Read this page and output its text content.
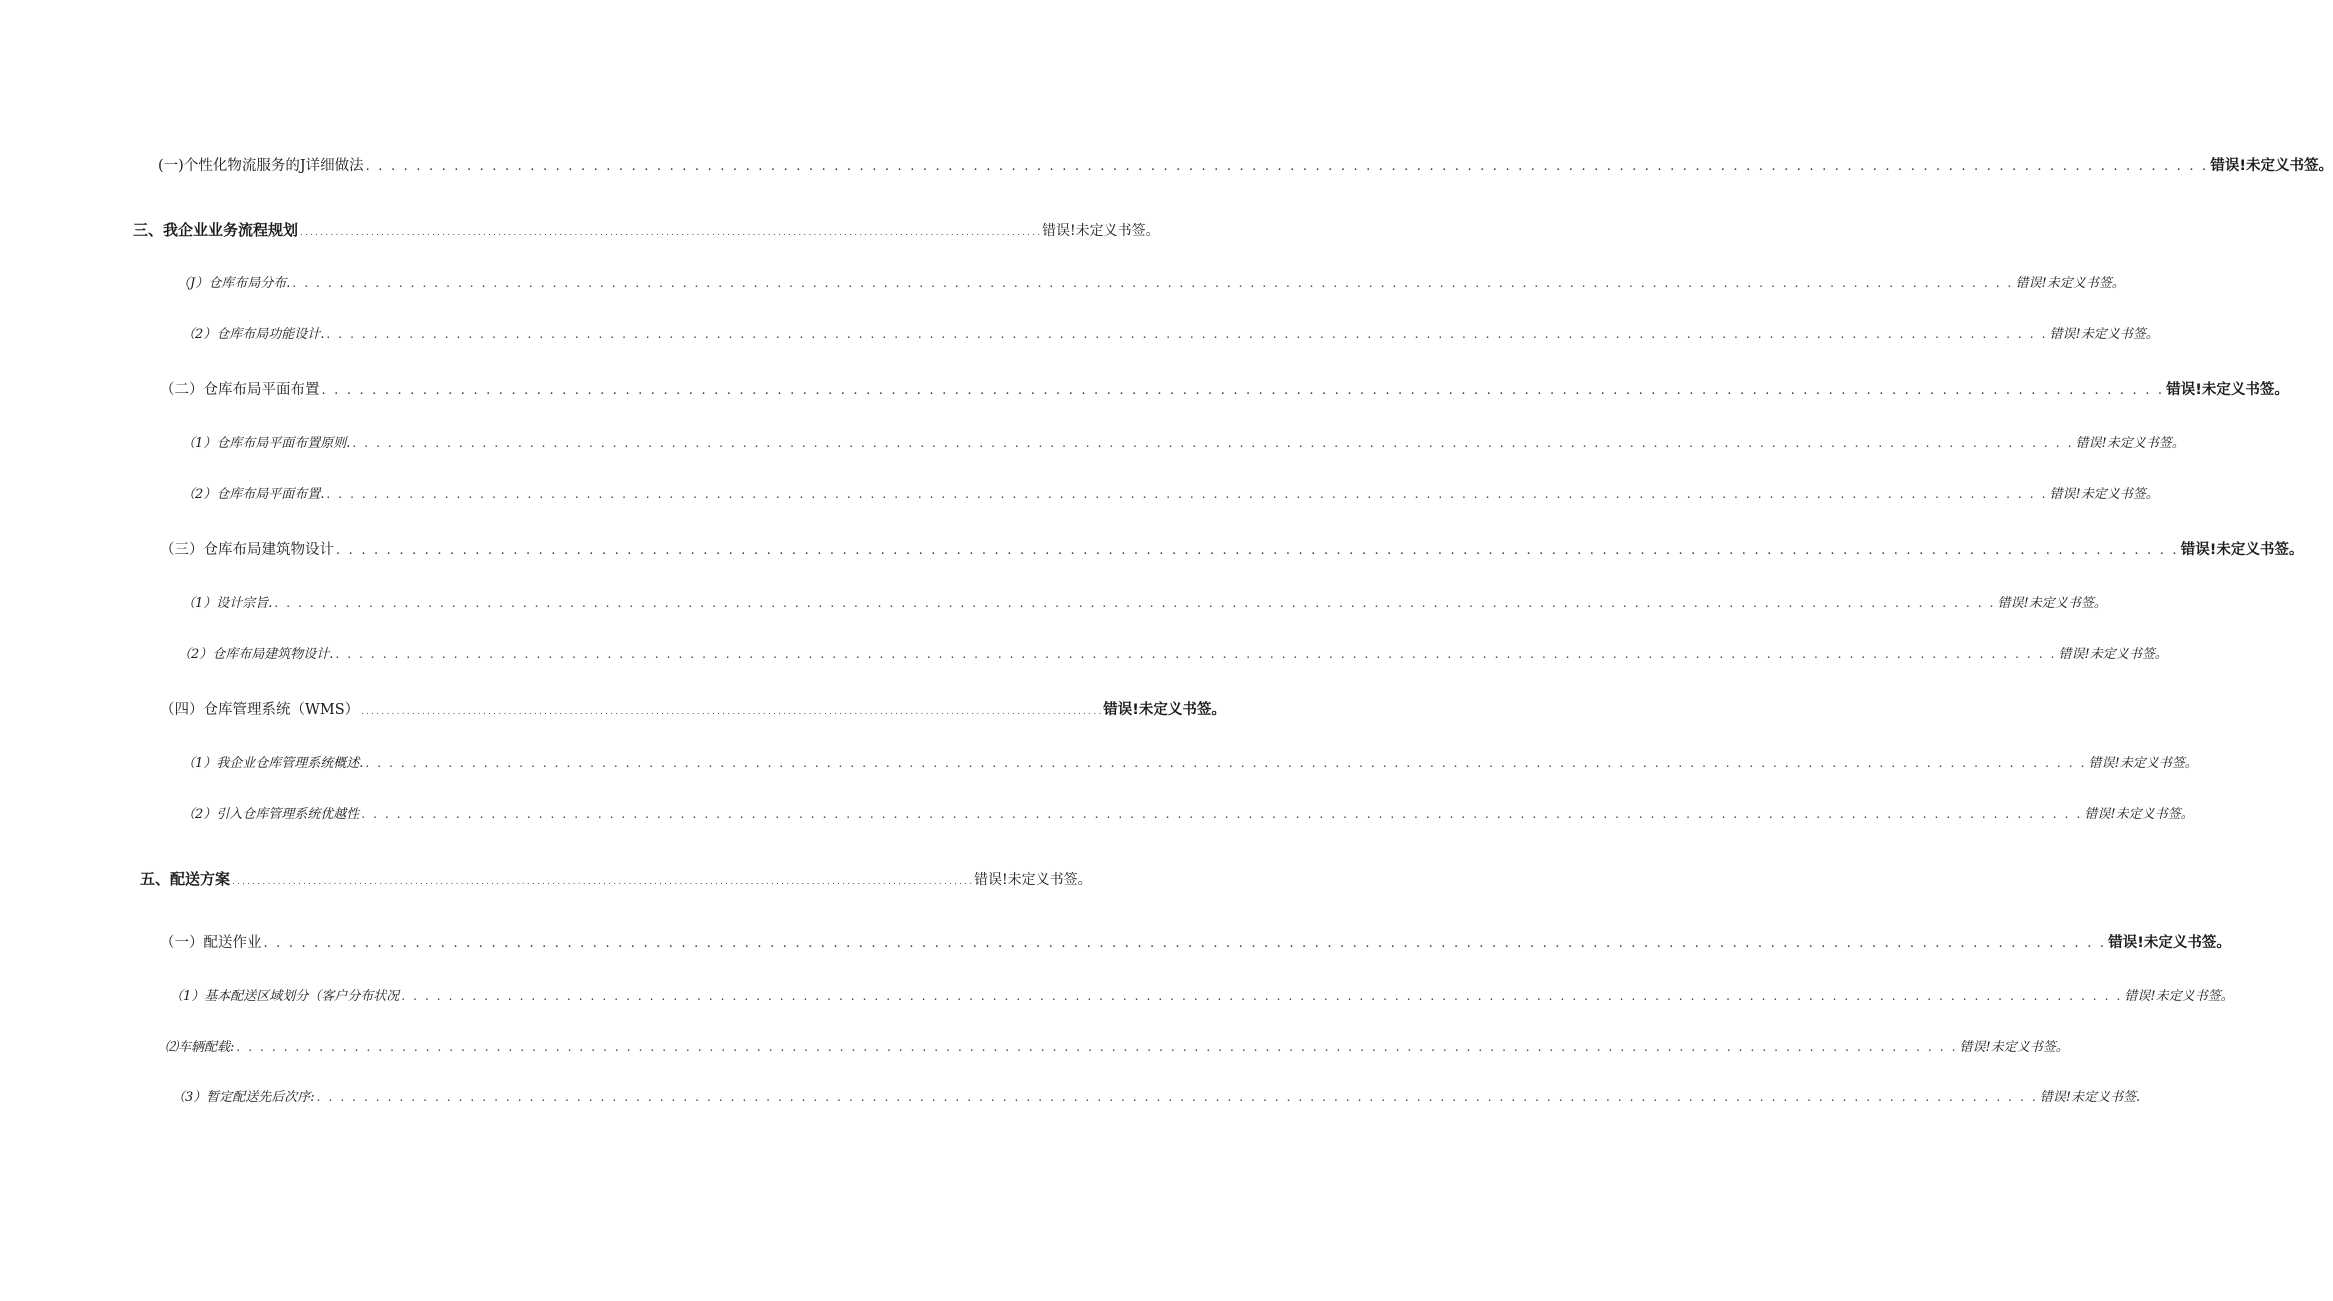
(一)个性化物流服务的J详细做法 . . . . . . . . . . . . . . . . . . . . . . . . . . . . . . . . . . . . . . . . . . . . . . . . . . . . . . . . . . . . . . . . . . . . . . . . . . . . . . . . . . . . . . . . . . . . . . . . . . . . . . . . . . . . . . . . . . . . . . . . . . . . . . . . . . . . . . . . . . . . . . . . . . 错误!未定义书签。
三、我企业业务流程规划 . . . . . . . . . . . . . . . . . . . . . . . . . . . . . . . . . . . . . . . . . . . . . . . . . . . . . . . . . . . . . . . . . . . . . . . . . . . . . . . . . . . . . . . . . . . . . . . . . . . . . . . . . . . . . . . . . . . . . . . . . . . . . . . . . . . . . . . . . . . . . . . . . . 错误!未定义书签。
（J）仓库布局分布. . . . . . . . . . . . . . . . . . . . . . . . . . . . . . . . . . . . . . . . . . . . . . . . . . . . . . . . . . . . . . . . . . . . . . . . . . . . . . . . . . . . . . . . . . . . . . . . . . . . . . . . . . . . . . . . . . . . . . . . . . . . . . . . . . . . . . . . . . . . . . . . . . . 错误!未定义书签。
（2）仓库布局功能设计. . . . . . . . . . . . . . . . . . . . . . . . . . . . . . . . . . . . . . . . . . . . . . . . . . . . . . . . . . . . . . . . . . . . . . . . . . . . . . . . . . . . . . . . . . . . . . . . . . . . . . . . . . . . . . . . . . . . . . . . . . . . . . . . . . . . . . . . . . . . . . . . . . . 错误!未定义书签。
（二）仓库布局平面布置 . . . . . . . . . . . . . . . . . . . . . . . . . . . . . . . . . . . . . . . . . . . . . . . . . . . . . . . . . . . . . . . . . . . . . . . . . . . . . . . . . . . . . . . . . . . . . . . . . . . . . . . . . . . . . . . . . . . . . . . . . . . . . . . . . . . . . . . . . . . . . . . . . . 错误!未定义书签。
（1）仓库布局平面布置原则. . . . . . . . . . . . . . . . . . . . . . . . . . . . . . . . . . . . . . . . . . . . . . . . . . . . . . . . . . . . . . . . . . . . . . . . . . . . . . . . . . . . . . . . . . . . . . . . . . . . . . . . . . . . . . . . . . . . . . . . . . . . . . . . . . . . . . . . . . . . . . . . . . . 错误!未定义书签。
（2）仓库布局平面布置. . . . . . . . . . . . . . . . . . . . . . . . . . . . . . . . . . . . . . . . . . . . . . . . . . . . . . . . . . . . . . . . . . . . . . . . . . . . . . . . . . . . . . . . . . . . . . . . . . . . . . . . . . . . . . . . . . . . . . . . . . . . . . . . . . . . . . . . . . . . . . . . . . . 错误!未定义书签。
（三）仓库布局建筑物设计 . . . . . . . . . . . . . . . . . . . . . . . . . . . . . . . . . . . . . . . . . . . . . . . . . . . . . . . . . . . . . . . . . . . . . . . . . . . . . . . . . . . . . . . . . . . . . . . . . . . . . . . . . . . . . . . . . . . . . . . . . . . . . . . . . . . . . . . . . . . . . . . . . . 错误!未定义书签。
（1）设计宗旨. . . . . . . . . . . . . . . . . . . . . . . . . . . . . . . . . . . . . . . . . . . . . . . . . . . . . . . . . . . . . . . . . . . . . . . . . . . . . . . . . . . . . . . . . . . . . . . . . . . . . . . . . . . . . . . . . . . . . . . . . . . . . . . . . . . . . . . . . . . . . . . . . . . 错误!未定义书签。
（2）仓库布局建筑物设计. . . . . . . . . . . . . . . . . . . . . . . . . . . . . . . . . . . . . . . . . . . . . . . . . . . . . . . . . . . . . . . . . . . . . . . . . . . . . . . . . . . . . . . . . . . . . . . . . . . . . . . . . . . . . . . . . . . . . . . . . . . . . . . . . . . . . . . . . . . . . . . . . . . 错误!未定义书签。
（四）仓库管理系统（WMS） . . . . . . . . . . . . . . . . . . . . . . . . . . . . . . . . . . . . . . . . . . . . . . . . . . . . . . . . . . . . . . . . . . . . . . . . . . . . . . . . . . . . . . . . . . . . . . . . . . . . . . . . . . . . . . . . . . . . . . . . . . . . . . . . . . . . . . . . . . . . . . . . . . 错误!未定义书签。
（1）我企业仓库管理系统概述. . . . . . . . . . . . . . . . . . . . . . . . . . . . . . . . . . . . . . . . . . . . . . . . . . . . . . . . . . . . . . . . . . . . . . . . . . . . . . . . . . . . . . . . . . . . . . . . . . . . . . . . . . . . . . . . . . . . . . . . . . . . . . . . . . . . . . . . . . . . . . . . . . . 错误!未定义书签。
（2）引入仓库管理系统优越性 . . . . . . . . . . . . . . . . . . . . . . . . . . . . . . . . . . . . . . . . . . . . . . . . . . . . . . . . . . . . . . . . . . . . . . . . . . . . . . . . . . . . . . . . . . . . . . . . . . . . . . . . . . . . . . . . . . . . . . . . . . . . . . . . . . . . . . . . . . . . . . . . . . 错误!未定义书签。
五、配送方案 . . . . . . . . . . . . . . . . . . . . . . . . . . . . . . . . . . . . . . . . . . . . . . . . . . . . . . . . . . . . . . . . . . . . . . . . . . . . . . . . . . . . . . . . . . . . . . . . . . . . . . . . . . . . . . . . . . . . . . . . . . . . . . . . . . . . . . . . . . . . . . . . . . 错误!未定义书签。
（一）配送作业 . . . . . . . . . . . . . . . . . . . . . . . . . . . . . . . . . . . . . . . . . . . . . . . . . . . . . . . . . . . . . . . . . . . . . . . . . . . . . . . . . . . . . . . . . . . . . . . . . . . . . . . . . . . . . . . . . . . . . . . . . . . . . . . . . . . . . . . . . . . . . . . . . . 错误!未定义书签。
（1）基本配送区域划分（客户分布状况 . . . . . . . . . . . . . . . . . . . . . . . . . . . . . . . . . . . . . . . . . . . . . . . . . . . . . . . . . . . . . . . . . . . . . . . . . . . . . . . . . . . . . . . . . . . . . . . . . . . . . . . . . . . . . . . . . . . . . . . . . . . . . . . . . . . . . . . . . . . . . . . . . . 错误!未定义书签。
⑵车辆配载: . . . . . . . . . . . . . . . . . . . . . . . . . . . . . . . . . . . . . . . . . . . . . . . . . . . . . . . . . . . . . . . . . . . . . . . . . . . . . . . . . . . . . . . . . . . . . . . . . . . . . . . . . . . . . . . . . . . . . . . . . . . . . . . . . . . . . . . . . . . . . . . . . . 错误!未定义书签。
（3）暂定配送先后次序: . . . . . . . . . . . . . . . . . . . . . . . . . . . . . . . . . . . . . . . . . . . . . . . . . . . . . . . . . . . . . . . . . . . . . . . . . . . . . . . . . . . . . . . . . . . . . . . . . . . . . . . . . . . . . . . . . . . . . . . . . . . . . . . . . . . . . . . . . . . . . . . . . . 错误!未定义书签.
